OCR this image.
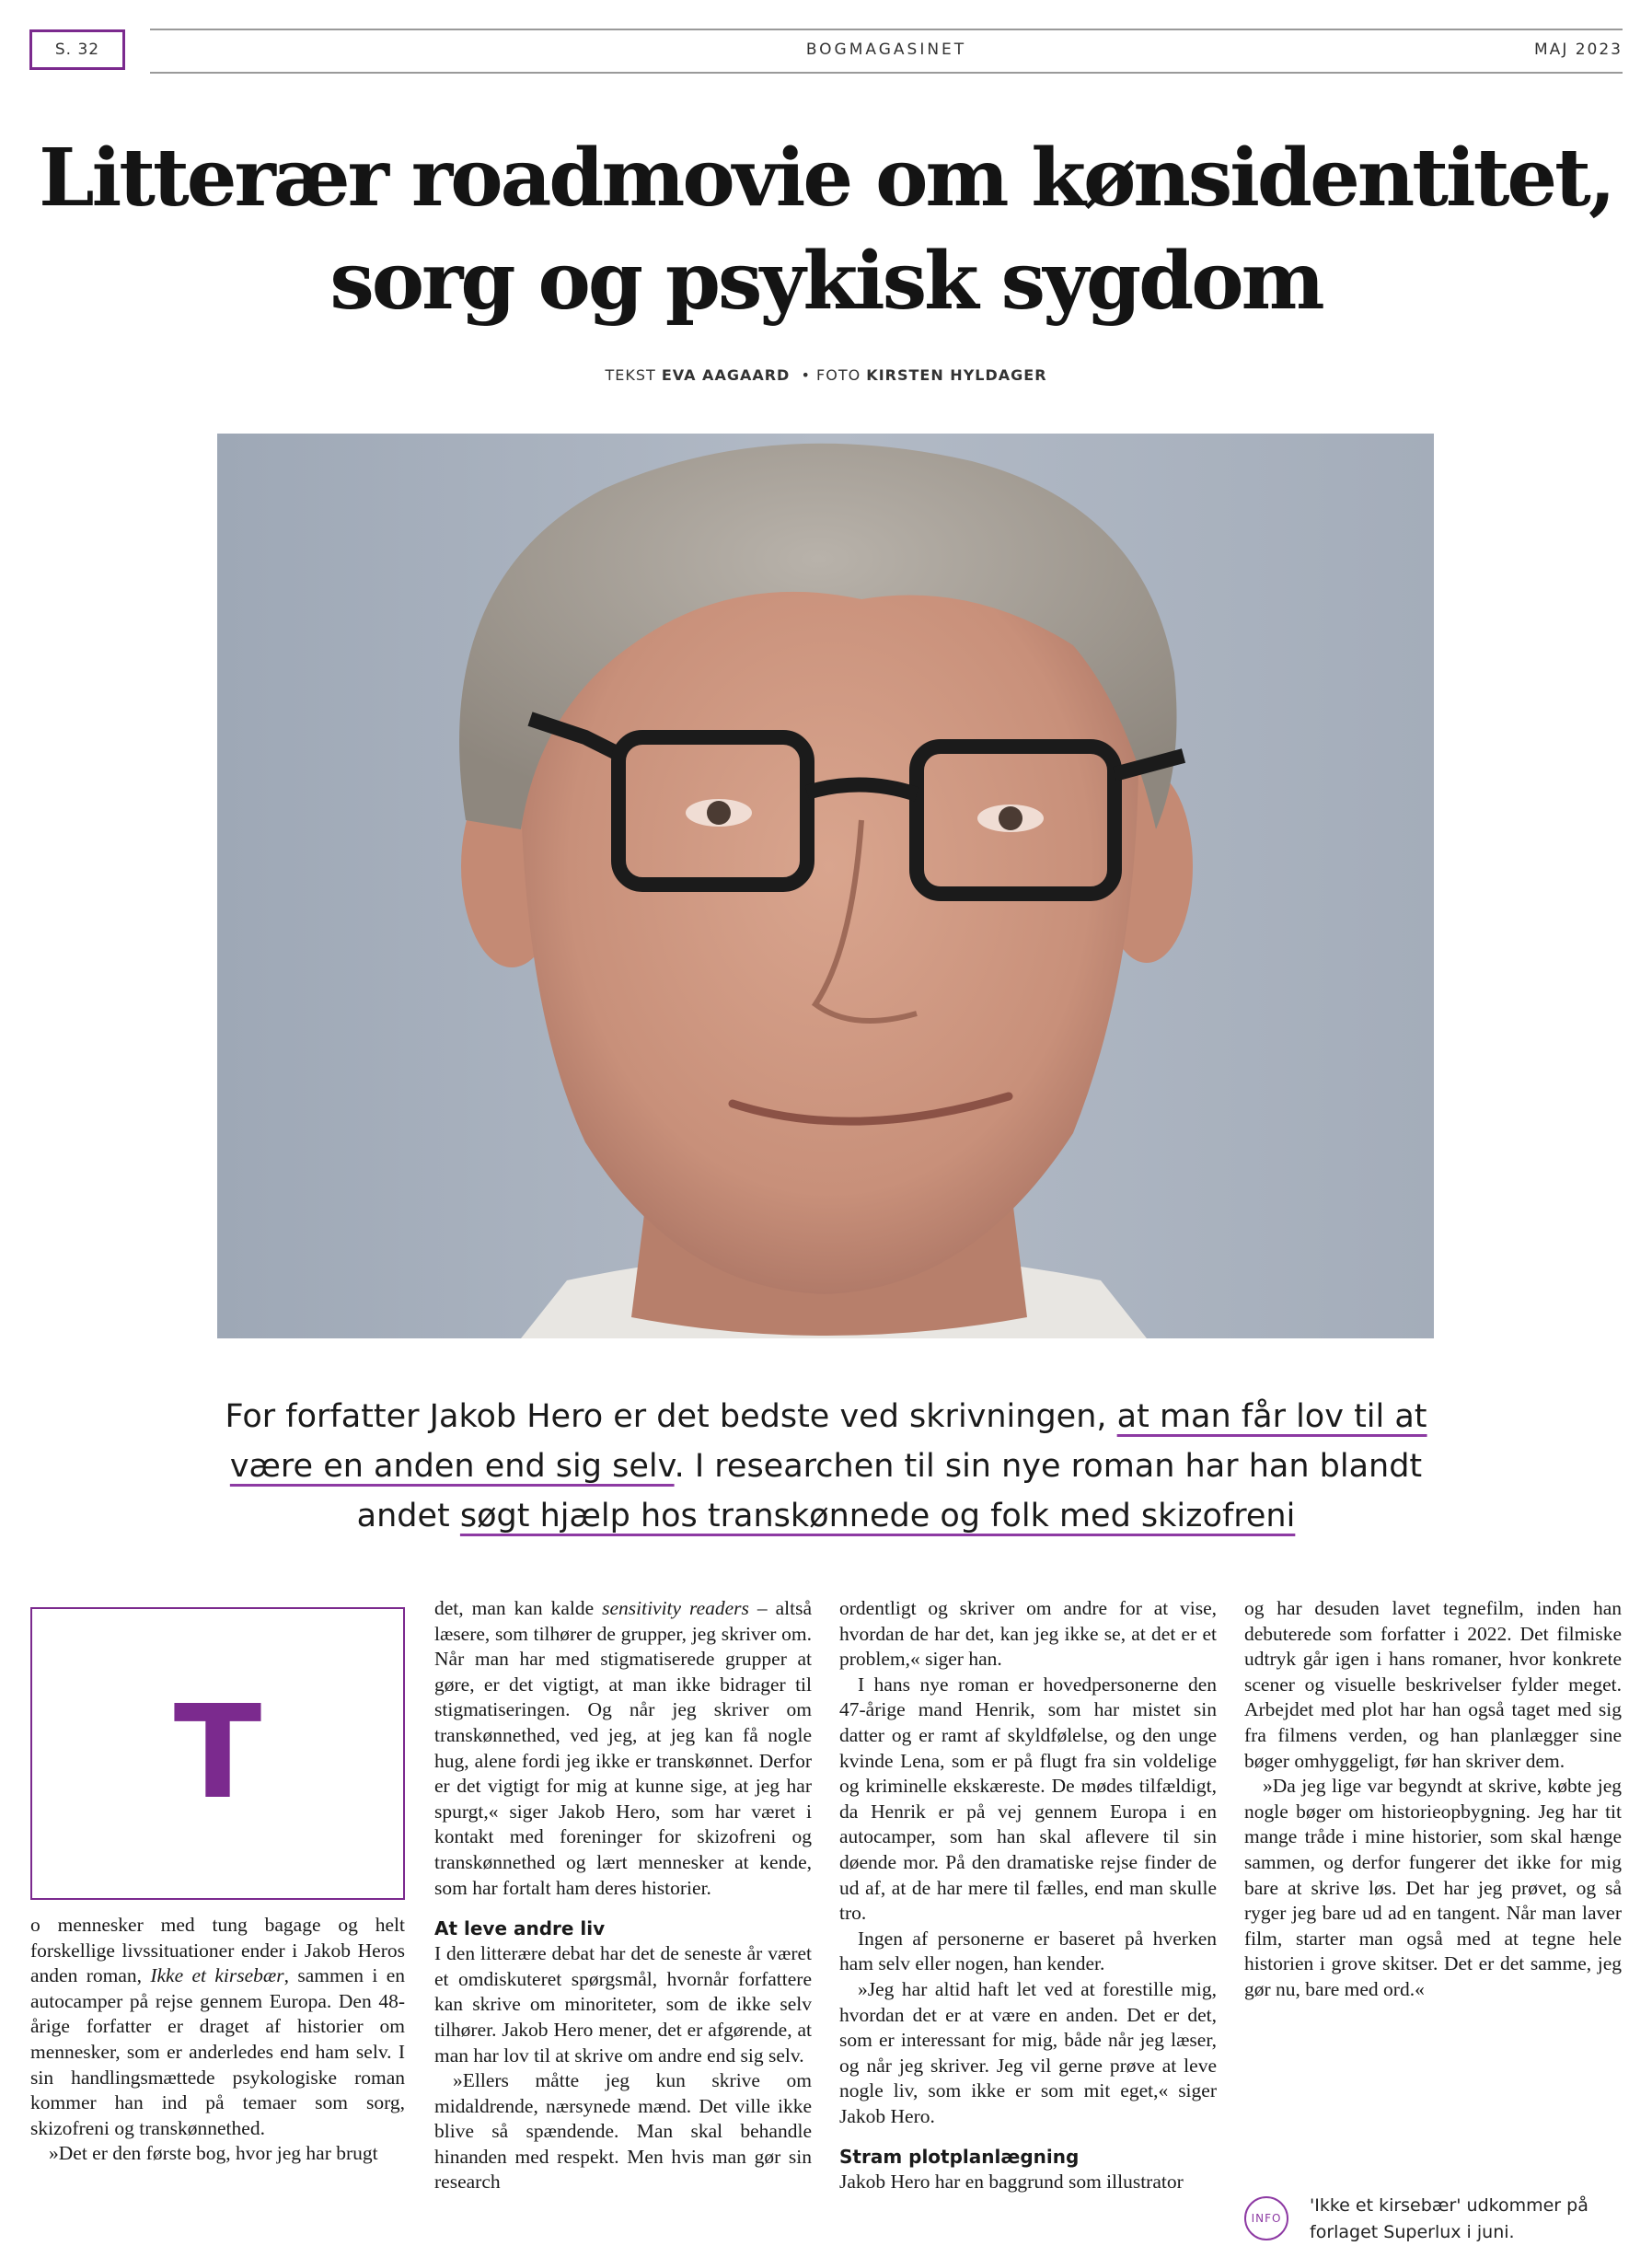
S. 32	BOGMAGASINET	MAJ 2023
Litterær roadmovie om kønsidentitet,
sorg og psykisk sygdom
TEKST EVA AAGAARD • FOTO KIRSTEN HYLDAGER

For forfatter Jakob Hero er det bedste ved skrivningen, at man får lov til at være en anden end sig selv. I researchen til sin nye roman har han blandt andet søgt hjælp hos transkønnede og folk med skizofreni

T

o mennesker med tung bagage og helt forskellige livssituationer ender i Jakob Heros anden roman, Ikke et kirsebær, sammen i en autocamper på rejse gennem Europa. Den 48-årige forfatter er draget af historier om mennesker, som er anderledes end ham selv. I sin handlingsmættede psykologiske roman kommer han ind på temaer som sorg, skizofreni og transkønnethed.

»Det er den første bog, hvor jeg har brugt

det, man kan kalde sensitivity readers – altså læsere, som tilhører de grupper, jeg skriver om. Når man har med stigmatiserede grupper at gøre, er det vigtigt, at man ikke bidrager til stigmatiseringen. Og når jeg skriver om transkønnethed, ved jeg, at jeg kan få nogle hug, alene fordi jeg ikke er transkønnet. Derfor er det vigtigt for mig at kunne sige, at jeg har spurgt,« siger Jakob Hero, som har været i kontakt med foreninger for skizofreni og transkønnethed og lært mennesker at kende, som har fortalt ham deres historier.

At leve andre liv

I den litterære debat har det de seneste år været et omdiskuteret spørgsmål, hvornår forfattere kan skrive om minoriteter, som de ikke selv tilhører. Jakob Hero mener, det er afgørende, at man har lov til at skrive om andre end sig selv.

»Ellers måtte jeg kun skrive om midaldrende, nærsynede mænd. Det ville ikke blive så spændende. Man skal behandle hinanden med respekt. Men hvis man gør sin research

ordentligt og skriver om andre for at vise, hvordan de har det, kan jeg ikke se, at det er et problem,« siger han.

I hans nye roman er hovedpersonerne den 47-årige mand Henrik, som har mistet sin datter og er ramt af skyldfølelse, og den unge kvinde Lena, som er på flugt fra sin voldelige og kriminelle ekskæreste. De mødes tilfældigt, da Henrik er på vej gennem Europa i en autocamper, som han skal aflevere til sin døende mor. På den dramatiske rejse finder de ud af, at de har mere til fælles, end man skulle tro.

Ingen af personerne er baseret på hverken ham selv eller nogen, han kender.

»Jeg har altid haft let ved at forestille mig, hvordan det er at være en anden. Det er det, som er interessant for mig, både når jeg læser, og når jeg skriver. Jeg vil gerne prøve at leve nogle liv, som ikke er som mit eget,« siger Jakob Hero.

Stram plotplanlægning

Jakob Hero har en baggrund som illustrator

og har desuden lavet tegnefilm, inden han debuterede som forfatter i 2022. Det filmiske udtryk går igen i hans romaner, hvor konkrete scener og visuelle beskrivelser fylder meget. Arbejdet med plot har han også taget med sig fra filmens verden, og han planlægger sine bøger omhyggeligt, før han skriver dem.

»Da jeg lige var begyndt at skrive, købte jeg nogle bøger om historieopbygning. Jeg har tit mange tråde i mine historier, som skal hænge sammen, og derfor fungerer det ikke for mig bare at skrive løs. Det har jeg prøvet, og så ryger jeg bare ud ad en tangent. Når man laver film, starter man også med at tegne hele historien i grove skitser. Det er det samme, jeg gør nu, bare med ord.«

INFO
'Ikke et kirsebær' udkommer på forlaget Superlux i juni.
